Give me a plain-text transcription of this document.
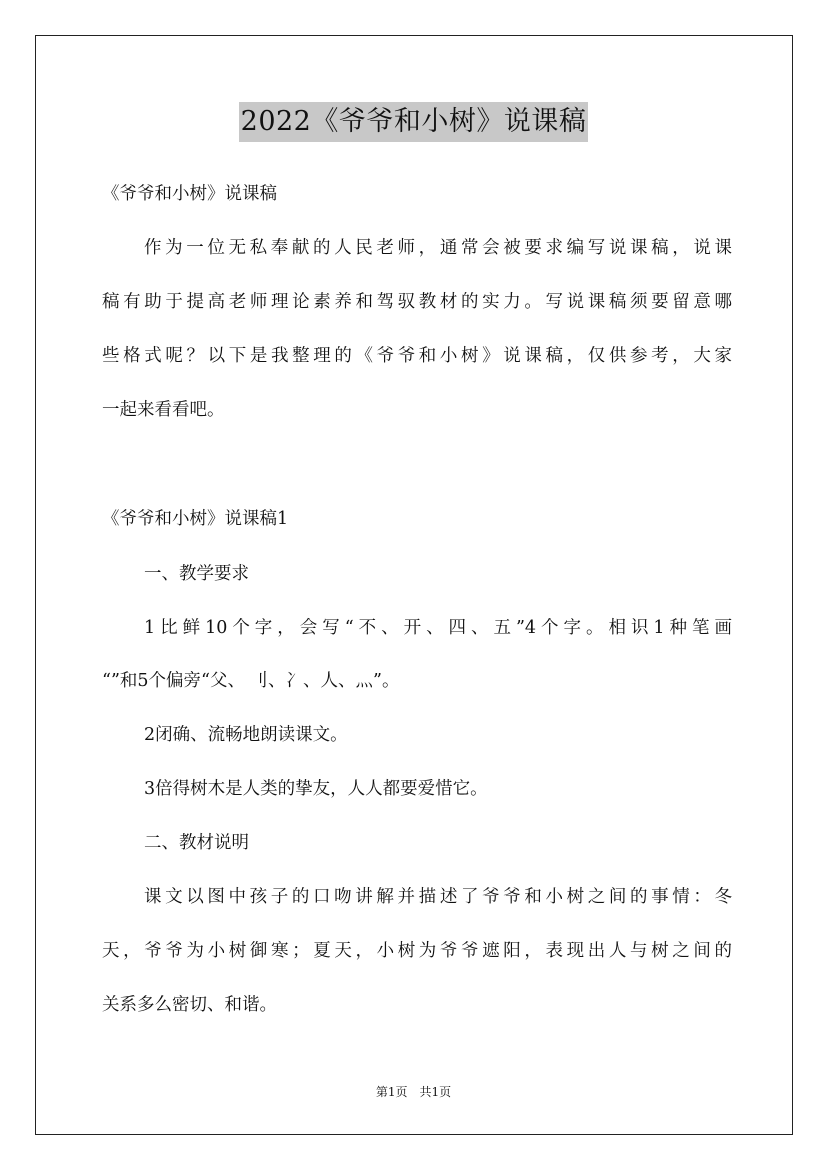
2022《爷爷和小树》说课稿
《爷爷和小树》说课稿
作为一位无私奉献的人民老师，通常会被要求编写说课稿，说课
稿有助于提高老师理论素养和驾驭教材的实力。写说课稿须要留意哪
些格式呢？以下是我整理的《爷爷和小树》说课稿，仅供参考，大家
一起来看看吧。
《爷爷和小树》说课稿1
一、教学要求
1比鲜10个字，会写“不、开、四、五”4个字。相识1种笔画
“”和5个偏旁“父、 刂、冫、人、灬”。
2闭确、流畅地朗读课文。
3倍得树木是人类的挚友，人人都要爱惜它。
二、教材说明
课文以图中孩子的口吻讲解并描述了爷爷和小树之间的事情：冬
天，爷爷为小树御寒；夏天，小树为爷爷遮阳，表现出人与树之间的
关系多么密切、和谐。
第1页　共1页
